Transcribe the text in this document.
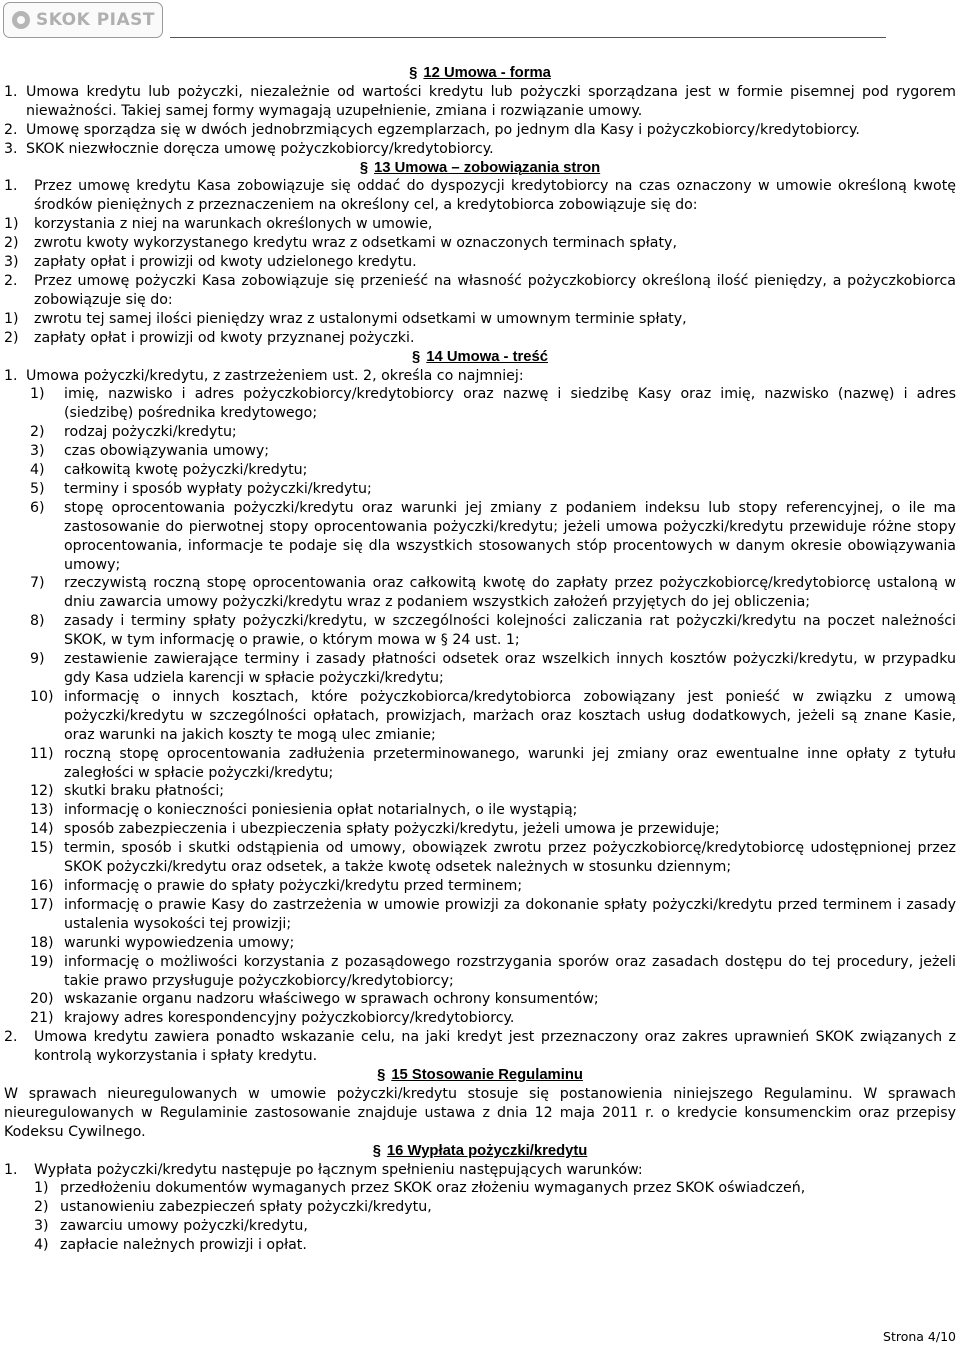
SKOK PIAST
§ 12 Umowa - forma
1. Umowa kredytu lub pożyczki, niezależnie od wartości kredytu lub pożyczki sporządzana jest w formie pisemnej pod rygorem nieważności. Takiej samej formy wymagają uzupełnienie, zmiana i rozwiązanie umowy.
2. Umowę sporządza się w dwóch jednobrzmiących egzemplarzach, po jednym dla Kasy i pożyczkobiorcy/kredytobiorcy.
3. SKOK niezwłocznie doręcza umowę pożyczkobiorcy/kredytobiorcy.
§ 13 Umowa – zobowiązania stron
1.	Przez umowę kredytu Kasa zobowiązuje się oddać do dyspozycji kredytobiorcy na czas oznaczony w umowie określoną kwotę środków pieniężnych z przeznaczeniem na określony cel, a kredytobiorca zobowiązuje się do:
1)	korzystania z niej na warunkach określonych w umowie,
2)	zwrotu kwoty wykorzystanego kredytu wraz z odsetkami w oznaczonych terminach spłaty,
3)	zapłaty opłat i prowizji od kwoty udzielonego kredytu.
2.	Przez umowę pożyczki Kasa zobowiązuje się przenieść na własność pożyczkobiorcy określoną ilość pieniędzy, a pożyczkobiorca zobowiązuje się do:
1)	zwrotu tej samej ilości pieniędzy wraz z ustalonymi odsetkami w umownym terminie spłaty,
2)	zapłaty opłat i prowizji od kwoty przyznanej pożyczki.
§ 14 Umowa - treść
1. Umowa pożyczki/kredytu, z zastrzeżeniem ust. 2, określa co najmniej:
1)	imię, nazwisko i adres pożyczkobiorcy/kredytobiorcy oraz nazwę i siedzibę Kasy oraz imię, nazwisko (nazwę) i adres (siedzibę) pośrednika kredytowego;
2)	rodzaj pożyczki/kredytu;
3)	czas obowiązywania umowy;
4)	całkowitą kwotę pożyczki/kredytu;
5)	terminy i sposób wypłaty pożyczki/kredytu;
6)	stopę oprocentowania pożyczki/kredytu oraz warunki jej zmiany z podaniem indeksu lub stopy referencyjnej, o ile ma zastosowanie do pierwotnej stopy oprocentowania pożyczki/kredytu; jeżeli umowa pożyczki/kredytu przewiduje różne stopy oprocentowania, informacje te podaje się dla wszystkich stosowanych stóp procentowych w danym okresie obowiązywania umowy;
7)	rzeczywistą roczną stopę oprocentowania oraz całkowitą kwotę do zapłaty przez pożyczkobiorcę/kredytobiorcę ustaloną w dniu zawarcia umowy pożyczki/kredytu wraz z podaniem wszystkich założeń przyjętych do jej obliczenia;
8)	zasady i terminy spłaty pożyczki/kredytu, w szczególności kolejności zaliczania rat pożyczki/kredytu na poczet należności SKOK, w tym informację o prawie, o którym mowa w § 24 ust. 1;
9)	zestawienie zawierające terminy i zasady płatności odsetek oraz wszelkich innych kosztów pożyczki/kredytu, w przypadku gdy Kasa udziela karencji w spłacie pożyczki/kredytu;
10) informację o innych kosztach, które pożyczkobiorca/kredytobiorca zobowiązany jest ponieść w związku z umową pożyczki/kredytu w szczególności opłatach, prowizjach, marżach oraz kosztach usług dodatkowych, jeżeli są znane Kasie, oraz warunki na jakich koszty te mogą ulec zmianie;
11) roczną stopę oprocentowania zadłużenia przeterminowanego, warunki jej zmiany oraz ewentualne inne opłaty z tytułu zaległości w spłacie pożyczki/kredytu;
12) skutki braku płatności;
13) informację o konieczności poniesienia opłat notarialnych, o ile wystąpią;
14) sposób zabezpieczenia i ubezpieczenia spłaty pożyczki/kredytu, jeżeli umowa je przewiduje;
15) termin, sposób i skutki odstąpienia od umowy, obowiązek zwrotu przez pożyczkobiorcę/kredytobiorcę udostępnionej przez SKOK pożyczki/kredytu oraz odsetek, a także kwotę odsetek należnych w stosunku dziennym;
16) informację o prawie do spłaty pożyczki/kredytu przed terminem;
17) informację o prawie Kasy do zastrzeżenia w umowie prowizji za dokonanie spłaty pożyczki/kredytu przed terminem i zasady ustalenia wysokości tej prowizji;
18) warunki wypowiedzenia umowy;
19) informację o możliwości korzystania z pozasądowego rozstrzygania sporów oraz zasadach dostępu do tej procedury, jeżeli takie prawo przysługuje pożyczkobiorcy/kredytobiorcy;
20) wskazanie organu nadzoru właściwego w sprawach ochrony konsumentów;
21) krajowy adres korespondencyjny pożyczkobiorcy/kredytobiorcy.
2.	Umowa kredytu zawiera ponadto wskazanie celu, na jaki kredyt jest przeznaczony oraz zakres uprawnień SKOK związanych z kontrolą wykorzystania i spłaty kredytu.
§ 15 Stosowanie Regulaminu

W sprawach nieuregulowanych w umowie pożyczki/kredytu stosuje się postanowienia niniejszego Regulaminu. W sprawach nieuregulowanych w Regulaminie zastosowanie znajduje ustawa z dnia 12 maja 2011 r. o kredycie konsumenckim oraz przepisy Kodeksu Cywilnego.

§ 16 Wypłata pożyczki/kredytu
1.	Wypłata pożyczki/kredytu następuje po łącznym spełnieniu następujących warunków:
1) przedłożeniu dokumentów wymaganych przez SKOK oraz złożeniu wymaganych przez SKOK oświadczeń,
2) ustanowieniu zabezpieczeń spłaty pożyczki/kredytu,
3) zawarciu umowy pożyczki/kredytu,
4) zapłacie należnych prowizji i opłat.
Strona 4/10
